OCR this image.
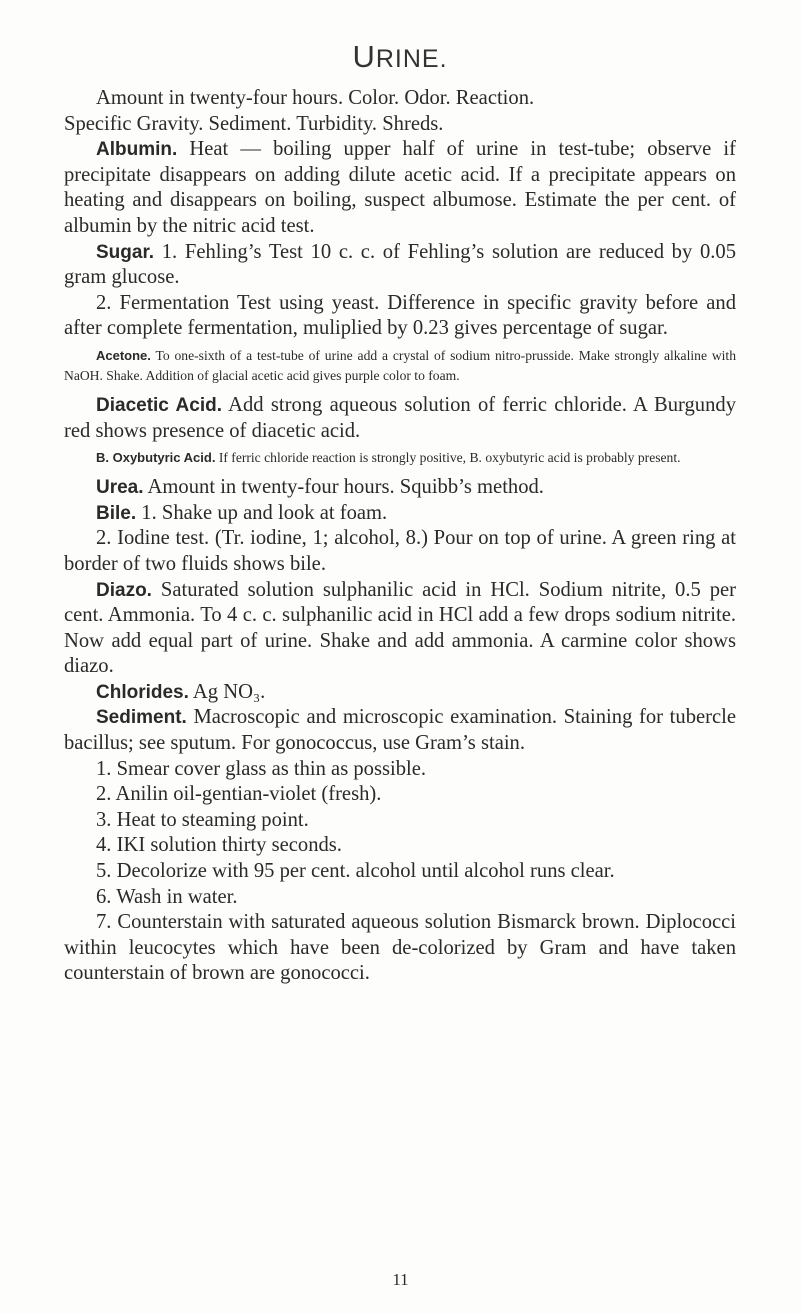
URINE.

Amount in twenty-four hours. Color. Odor. Reaction.

Specific Gravity. Sediment. Turbidity. Shreds.

Albumin. Heat — boiling upper half of urine in test-tube; observe if precipitate disappears on adding dilute acetic acid. If a precipitate appears on heating and disappears on boiling, suspect albumose. Estimate the per cent. of albumin by the nitric acid test.

Sugar. 1. Fehling’s Test 10 c. c. of Fehling’s solution are reduced by 0.05 gram glucose.

2. Fermentation Test using yeast. Difference in specific gravity before and after complete fermentation, muliplied by 0.23 gives percentage of sugar.

Acetone. To one-sixth of a test-tube of urine add a crystal of sodium nitro-prusside. Make strongly alkaline with NaOH. Shake. Addition of glacial acetic acid gives purple color to foam.

Diacetic Acid. Add strong aqueous solution of ferric chloride. A Burgundy red shows presence of diacetic acid.

B. Oxybutyric Acid. If ferric chloride reaction is strongly positive, B. oxybutyric acid is probably present.

Urea. Amount in twenty-four hours. Squibb’s method.

Bile. 1. Shake up and look at foam.

2. Iodine test. (Tr. iodine, 1; alcohol, 8.) Pour on top of urine. A green ring at border of two fluids shows bile.

Diazo. Saturated solution sulphanilic acid in HCl. Sodium nitrite, 0.5 per cent. Ammonia. To 4 c. c. sulphanilic acid in HCl add a few drops sodium nitrite. Now add equal part of urine. Shake and add ammonia. A carmine color shows diazo.

Chlorides. Ag NO₃.

Sediment. Macroscopic and microscopic examination. Staining for tubercle bacillus; see sputum. For gonococcus, use Gram’s stain.

1. Smear cover glass as thin as possible.

2. Anilin oil-gentian-violet (fresh).

3. Heat to steaming point.

4. IKI solution thirty seconds.

5. Decolorize with 95 per cent. alcohol until alcohol runs clear.

6. Wash in water.

7. Counterstain with saturated aqueous solution Bismarck brown. Diplococci within leucocytes which have been de-colorized by Gram and have taken counterstain of brown are gonococci.

11
